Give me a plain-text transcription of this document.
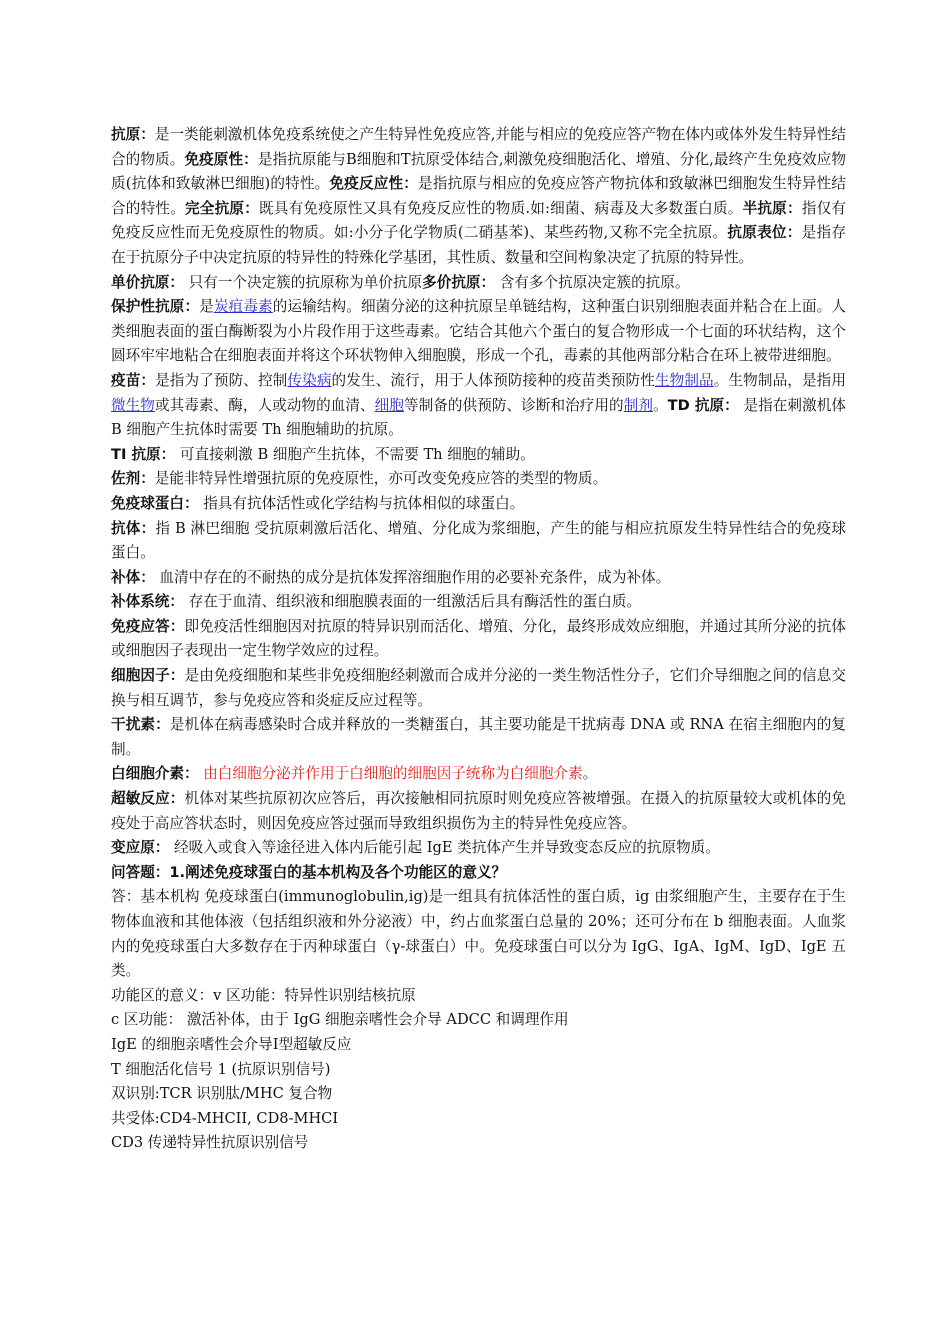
抗原：是一类能刺激机体免疫系统使之产生特异性免疫应答,并能与相应的免疫应答产物在体内或体外发生特异性结合的物质。免疫原性：是指抗原能与B细胞和T抗原受体结合,刺激免疫细胞活化、增殖、分化,最终产生免疫效应物质(抗体和致敏淋巴细胞)的特性。免疫反应性：是指抗原与相应的免疫应答产物抗体和致敏淋巴细胞发生特异性结合的特性。完全抗原：既具有免疫原性又具有免疫反应性的物质.如:细菌、病毒及大多数蛋白质。半抗原：指仅有免疫反应性而无免疫原性的物质。如:小分子化学物质(二硝基苯)、某些药物,又称不完全抗原。抗原表位：是指存在于抗原分子中决定抗原的特异性的特殊化学基团，其性质、数量和空间构象决定了抗原的特异性。

单价抗原： 只有一个决定簇的抗原称为单价抗原多价抗原： 含有多个抗原决定簇的抗原。

保护性抗原：是炭疽毒素的运输结构。细菌分泌的这种抗原呈单链结构，这种蛋白识别细胞表面并粘合在上面。人类细胞表面的蛋白酶断裂为小片段作用于这些毒素。它结合其他六个蛋白的复合物形成一个七面的环状结构，这个圆环牢牢地粘合在细胞表面并将这个环状物伸入细胞膜，形成一个孔，毒素的其他两部分粘合在环上被带进细胞。

疫苗：是指为了预防、控制传染病的发生、流行，用于人体预防接种的疫苗类预防性生物制品。生物制品，是指用微生物或其毒素、酶，人或动物的血清、细胞等制备的供预防、诊断和治疗用的制剂。TD 抗原： 是指在刺激机体 B 细胞产生抗体时需要 Th 细胞辅助的抗原。

TI 抗原： 可直接刺激 B 细胞产生抗体，不需要 Th 细胞的辅助。

佐剂：是能非特异性增强抗原的免疫原性，亦可改变免疫应答的类型的物质。

免疫球蛋白： 指具有抗体活性或化学结构与抗体相似的球蛋白。

抗体：指 B 淋巴细胞 受抗原刺激后活化、增殖、分化成为浆细胞，产生的能与相应抗原发生特异性结合的免疫球蛋白。

补体： 血清中存在的不耐热的成分是抗体发挥溶细胞作用的必要补充条件，成为补体。

补体系统： 存在于血清、组织液和细胞膜表面的一组激活后具有酶活性的蛋白质。

免疫应答：即免疫活性细胞因对抗原的特异识别而活化、增殖、分化，最终形成效应细胞，并通过其所分泌的抗体或细胞因子表现出一定生物学效应的过程。

细胞因子：是由免疫细胞和某些非免疫细胞经刺激而合成并分泌的一类生物活性分子，它们介导细胞之间的信息交换与相互调节，参与免疫应答和炎症反应过程等。

干扰素：是机体在病毒感染时合成并释放的一类糖蛋白，其主要功能是干扰病毒 DNA 或 RNA 在宿主细胞内的复制。

白细胞介素： 由白细胞分泌并作用于白细胞的细胞因子统称为白细胞介素。

超敏反应：机体对某些抗原初次应答后，再次接触相同抗原时则免疫应答被增强。在摄入的抗原量较大或机体的免疫处于高应答状态时，则因免疫应答过强而导致组织损伤为主的特异性免疫应答。

变应原： 经吸入或食入等途径进入体内后能引起 IgE 类抗体产生并导致变态反应的抗原物质。

问答题：1.阐述免疫球蛋白的基本机构及各个功能区的意义？

答：基本机构 免疫球蛋白(immunoglobulin,ig)是一组具有抗体活性的蛋白质，ig 由浆细胞产生，主要存在于生物体血液和其他体液（包括组织液和外分泌液）中，约占血浆蛋白总量的 20%；还可分布在 b 细胞表面。人血浆内的免疫球蛋白大多数存在于丙种球蛋白（γ-球蛋白）中。免疫球蛋白可以分为 IgG、IgA、IgM、IgD、IgE 五类。

功能区的意义：v 区功能：特异性识别结核抗原

c 区功能： 激活补体，由于 IgG 细胞亲嗜性会介导 ADCC 和调理作用

IgE 的细胞亲嗜性会介导Ⅰ型超敏反应

T 细胞活化信号 1 (抗原识别信号)

双识别:TCR 识别肽/MHC 复合物

共受体:CD4-MHCII, CD8-MHCI

CD3 传递特异性抗原识别信号
